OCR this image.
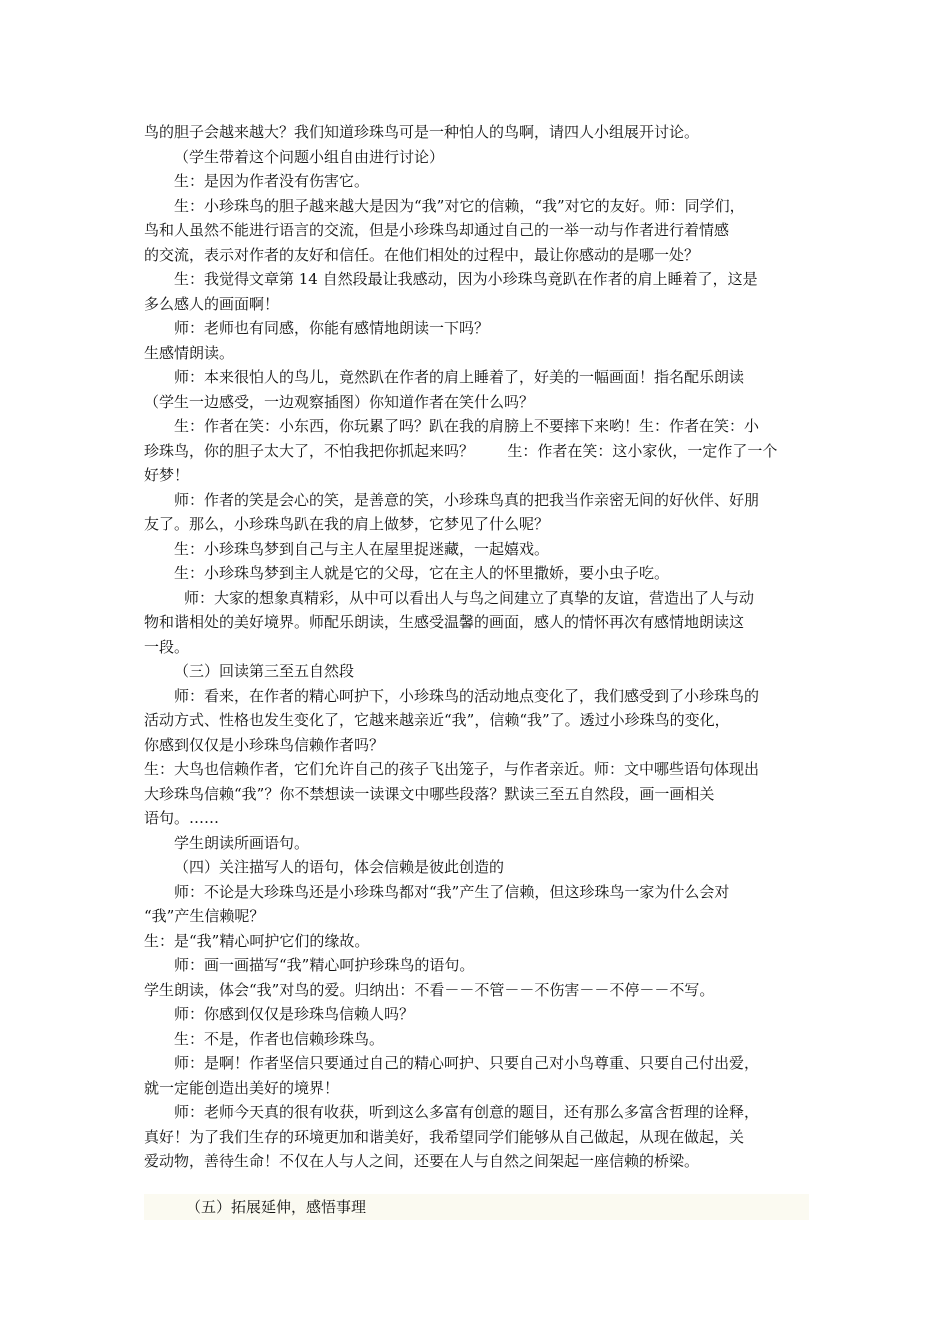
鸟的胆子会越来越大？我们知道珍珠鸟可是一种怕人的鸟啊，请四人小组展开讨论。
（学生带着这个问题小组自由进行讨论）
生：是因为作者没有伤害它。
生：小珍珠鸟的胆子越来越大是因为“我”对它的信赖，“我”对它的友好。师：同学们，
鸟和人虽然不能进行语言的交流，但是小珍珠鸟却通过自己的一举一动与作者进行着情感
的交流，表示对作者的友好和信任。在他们相处的过程中，最让你感动的是哪一处？
生：我觉得文章第 14 自然段最让我感动，因为小珍珠鸟竟趴在作者的肩上睡着了，这是
多么感人的画面啊！
师：老师也有同感，你能有感情地朗读一下吗？
生感情朗读。
师：本来很怕人的鸟儿，竟然趴在作者的肩上睡着了，好美的一幅画面！指名配乐朗读
（学生一边感受，一边观察插图）你知道作者在笑什么吗？
生：作者在笑：小东西，你玩累了吗？趴在我的肩膀上不要摔下来哟！生：作者在笑：小
珍珠鸟，你的胆子太大了，不怕我把你抓起来吗？       生：作者在笑：这小家伙，一定作了一个
好梦！
师：作者的笑是会心的笑，是善意的笑，小珍珠鸟真的把我当作亲密无间的好伙伴、好朋
友了。那么，小珍珠鸟趴在我的肩上做梦，它梦见了什么呢？
生：小珍珠鸟梦到自己与主人在屋里捉迷藏，一起嬉戏。
生：小珍珠鸟梦到主人就是它的父母，它在主人的怀里撒娇，要小虫子吃。
师：大家的想象真精彩，从中可以看出人与鸟之间建立了真挚的友谊，营造出了人与动
物和谐相处的美好境界。师配乐朗读，生感受温馨的画面，感人的情怀再次有感情地朗读这
一段。
（三）回读第三至五自然段
师：看来，在作者的精心呵护下，小珍珠鸟的活动地点变化了，我们感受到了小珍珠鸟的
活动方式、性格也发生变化了，它越来越亲近“我”，信赖“我”了。透过小珍珠鸟的变化，
你感到仅仅是小珍珠鸟信赖作者吗？
生：大鸟也信赖作者，它们允许自己的孩子飞出笼子，与作者亲近。师：文中哪些语句体现出
大珍珠鸟信赖“我”？你不禁想读一读课文中哪些段落？默读三至五自然段，画一画相关
语句。……
学生朗读所画语句。
（四）关注描写人的语句，体会信赖是彼此创造的
师：不论是大珍珠鸟还是小珍珠鸟都对“我”产生了信赖，但这珍珠鸟一家为什么会对
“我”产生信赖呢？
生：是“我”精心呵护它们的缘故。
师：画一画描写“我”精心呵护珍珠鸟的语句。
学生朗读，体会“我”对鸟的爱。归纳出：不看－－不管－－不伤害－－不停－－不写。
师：你感到仅仅是珍珠鸟信赖人吗？
生：不是，作者也信赖珍珠鸟。
师：是啊！作者坚信只要通过自己的精心呵护、只要自己对小鸟尊重、只要自己付出爱，
就一定能创造出美好的境界！
师：老师今天真的很有收获，听到这么多富有创意的题目，还有那么多富含哲理的诠释，
真好！为了我们生存的环境更加和谐美好，我希望同学们能够从自己做起，从现在做起，关
爱动物，善待生命！不仅在人与人之间，还要在人与自然之间架起一座信赖的桥梁。
（五）拓展延伸，感悟事理
